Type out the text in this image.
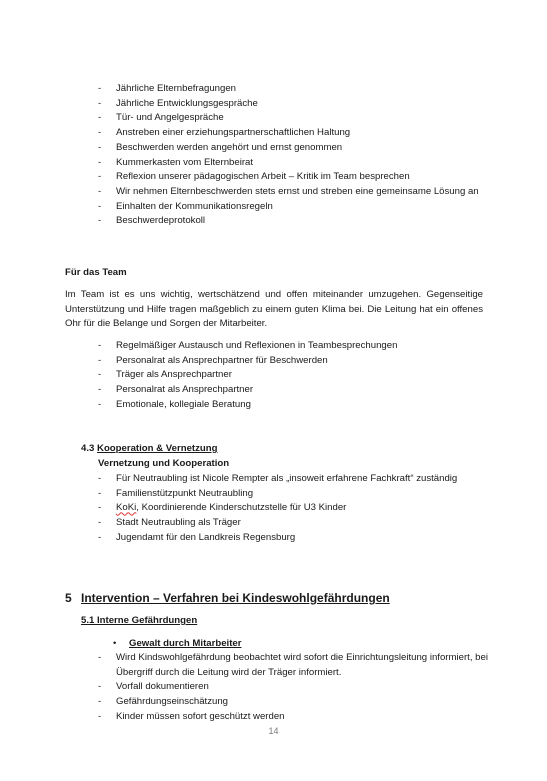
- Jährliche Elternbefragungen
- Jährliche Entwicklungsgespräche
- Tür- und Angelgespräche
- Anstreben einer erziehungspartnerschaftlichen Haltung
- Beschwerden werden angehört und ernst genommen
- Kummerkasten vom Elternbeirat
- Reflexion unserer pädagogischen Arbeit – Kritik im Team besprechen
- Wir nehmen Elternbeschwerden stets ernst und streben eine gemeinsame Lösung an
- Einhalten der Kommunikationsregeln
- Beschwerdeprotokoll
Für das Team

Im Team ist es uns wichtig, wertschätzend und offen miteinander umzugehen. Gegenseitige Unterstützung und Hilfe tragen maßgeblich zu einem guten Klima bei. Die Leitung hat ein offenes Ohr für die Belange und Sorgen der Mitarbeiter.

- Regelmäßiger Austausch und Reflexionen in Teambesprechungen
- Personalrat als Ansprechpartner für Beschwerden
- Träger als Ansprechpartner
- Personalrat als Ansprechpartner
- Emotionale, kollegiale Beratung
4.3 Kooperation & Vernetzung
Vernetzung und Kooperation
- Für Neutraubling ist Nicole Rempter als „insoweit erfahrene Fachkraft“ zuständig
- Familienstützpunkt Neutraubling
- KoKi, Koordinierende Kinderschutzstelle für U3 Kinder
- Stadt Neutraubling als Träger
- Jugendamt für den Landkreis Regensburg
5 Intervention – Verfahren bei Kindeswohlgefährdungen
5.1 Interne Gefährdungen
• Gewalt durch Mitarbeiter
- Wird Kindswohlgefährdung beobachtet wird sofort die Einrichtungsleitung informiert, bei Übergriff durch die Leitung wird der Träger informiert.
- Vorfall dokumentieren
- Gefährdungseinschätzung
- Kinder müssen sofort geschützt werden
14
